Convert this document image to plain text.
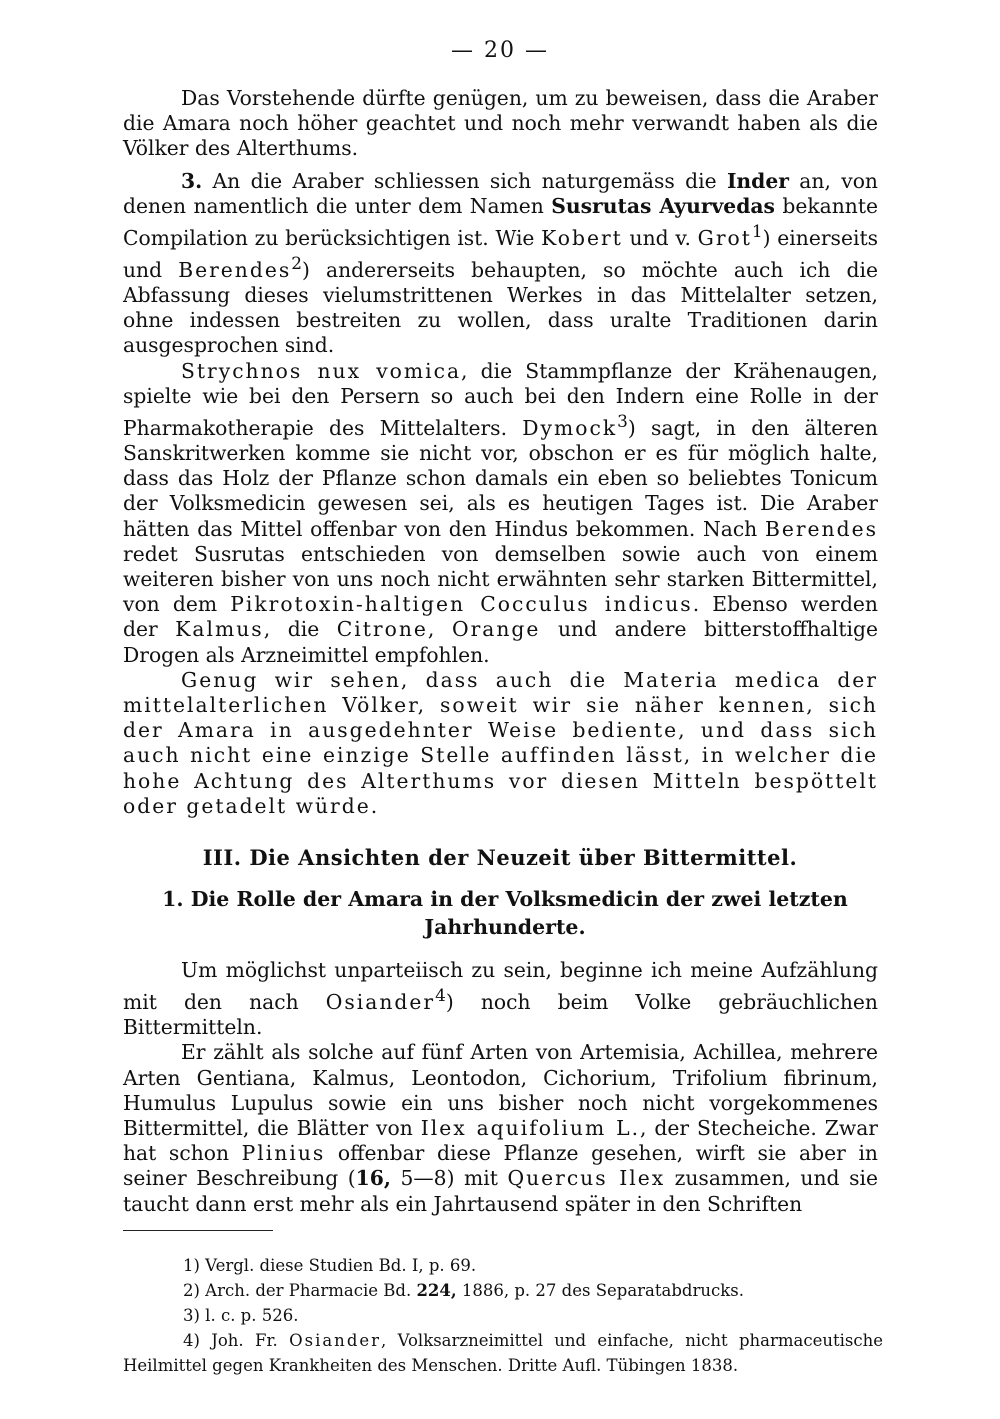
— 20 —

Das Vorstehende dürfte genügen, um zu beweisen, dass die Araber die Amara noch höher geachtet und noch mehr verwandt haben als die Völker des Alterthums.

3. An die Araber schliessen sich naturgemäss die Inder an, von denen namentlich die unter dem Namen Susrutas Ayurvedas bekannte Compilation zu berücksichtigen ist. Wie Kobert und v. Grot$^1$) einerseits und Berendes$^2$) andererseits behaupten, so möchte auch ich die Abfassung dieses vielumstrittenen Werkes in das Mittelalter setzen, ohne indessen bestreiten zu wollen, dass uralte Traditionen darin ausgesprochen sind.

Strychnos nux vomica, die Stammpflanze der Krähenaugen, spielte wie bei den Persern so auch bei den Indern eine Rolle in der Pharmakotherapie des Mittelalters. Dymock$^3$) sagt, in den älteren Sanskritwerken komme sie nicht vor, obschon er es für möglich halte, dass das Holz der Pflanze schon damals ein eben so beliebtes Tonicum der Volksmedicin gewesen sei, als es heutigen Tages ist. Die Araber hätten das Mittel offenbar von den Hindus bekommen. Nach Berendes redet Susrutas entschieden von demselben sowie auch von einem weiteren bisher von uns noch nicht erwähnten sehr starken Bittermittel, von dem Pikrotoxin-haltigen Cocculus indicus. Ebenso werden der Kalmus, die Citrone, Orange und andere bitterstoffhaltige Drogen als Arzneimittel empfohlen.

Genug wir sehen, dass auch die Materia medica der mittelalterlichen Völker, soweit wir sie näher kennen, sich der Amara in ausgedehnter Weise bediente, und dass sich auch nicht eine einzige Stelle auffinden lässt, in welcher die hohe Achtung des Alterthums vor diesen Mitteln bespöttelt oder getadelt würde.

III. Die Ansichten der Neuzeit über Bittermittel.
1. Die Rolle der Amara in der Volksmedicin der zwei letzten Jahrhunderte.

Um möglichst unparteiisch zu sein, beginne ich meine Aufzählung mit den nach Osiander$^4$) noch beim Volke gebräuchlichen Bittermitteln.

Er zählt als solche auf fünf Arten von Artemisia, Achillea, mehrere Arten Gentiana, Kalmus, Leontodon, Cichorium, Trifolium fibrinum, Humulus Lupulus sowie ein uns bisher noch nicht vorgekommenes Bittermittel, die Blätter von Ilex aquifolium L., der Stecheiche. Zwar hat schon Plinius offenbar diese Pflanze gesehen, wirft sie aber in seiner Beschreibung (16, 5—8) mit Quercus Ilex zusammen, und sie taucht dann erst mehr als ein Jahrtausend später in den Schriften

1) Vergl. diese Studien Bd. I, p. 69.
2) Arch. der Pharmacie Bd. 224, 1886, p. 27 des Separatabdrucks.
3) l. c. p. 526.
4) Joh. Fr. Osiander, Volksarzneimittel und einfache, nicht pharmaceutische Heilmittel gegen Krankheiten des Menschen. Dritte Aufl. Tübingen 1838.
